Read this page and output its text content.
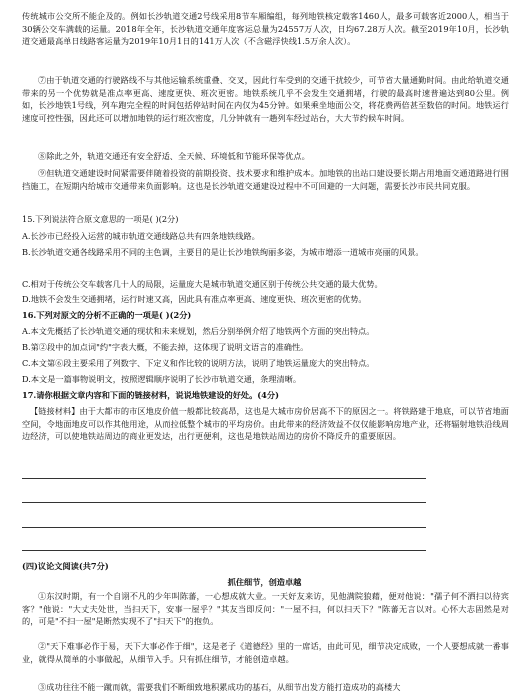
传统城市公交所不能企及的。例如长沙轨道交通2号线采用8节车厢编组，每列地铁核定载客1460人，最多可载客近2000人，相当于30辆公交车满载的运量。2018年全年，长沙轨道交通年度客运总量为24557万人次，日均67.28万人次。截至2019年10月，长沙轨道交通最高单日线路客运量为2019年10月1日的141万人次（不含磁浮快线1.5万余人次）。

⑦由于轨道交通的行驶路线不与其他运输系统重叠、交叉，因此行车受到的交通干扰较少，可节省大量通勤时间。由此给轨道交通带来的另一个优势就是准点率更高、速度更快、班次更密。地铁系统几乎不会发生交通拥堵，行驶的最高时速普遍达到80公里。例如，长沙地铁1号线，列车跑完全程的时间包括停站时间在内仅为45分钟。如果乘坐地面公交，将花费两倍甚至数倍的时间。地铁运行速度可控性强，因此还可以增加地铁的运行班次密度，几分钟就有一趟列车经过站台，大大节约候车时间。

⑧除此之外，轨道交通还有安全舒适、全天候、环境低和节能环保等优点。

⑨但轨道交通建设时间紧需要伴随着投资的前期投资、技术要求和维护成本。加地铁的出站口建设要长期占用地面交通道路进行围挡施工，在短期内给城市交通带来负面影响。这也是长沙轨道交通建设过程中不可回避的一大问题，需要长沙市民共同克服。

15.下列说法符合原文意思的一项是( )(2分)

A.长沙市已经投入运营的城市轨道交通线路总共有四条地铁线路。

B.长沙轨道交通各线路采用不同的主色调，主要目的是让长沙地铁绚丽多姿，为城市增添一道城市亮丽的风景。

C.相对于传统公交车载客几十人的局限，运量庞大是城市轨道交通区别于传统公共交通的最大优势。

D.地铁不会发生交通拥堵，运行时速又高，因此具有准点率更高、速度更快、班次更密的优势。

16.下列对原文的分析不正确的一项是( )(2分)

A.本文先概括了长沙轨道交通的现状和未来规划，然后分别举例介绍了地铁两个方面的突出特点。

B.第②段中的加点词"约"字表大概，不能去掉，这体现了说明文语言的准确性。

C.本文第⑥段主要采用了列数字、下定义和作比较的说明方法，说明了地铁运量庞大的突出特点。

D.本文是一篇事物说明文，按照逻辑顺序说明了长沙市轨道交通，条理清晰。

17.请你根据文章内容和下面的链接材料，说说地铁建设的好处。(4分)

【链接材料】由于大都市的市区地皮价值一般都比较高昂，这也是大城市房价居高不下的原因之一。将铁路建于地底，可以节省地面空间，令地面地皮可以作其他用途，从而拉低整个城市的平均房价。由此带来的经济效益不仅仅能影响房地产业，还将辐射地铁沿线周边经济，可以使地铁站周边的商业更发达，出行更便利，这也是地铁站周边的房价不降反升的重要原因。

(四)议论文阅读(共7分)

抓住细节，创造卓越

①东汉时期，有一个自诩不凡的少年叫陈蕃，一心想成就大业。一天好友来访，见他满院狼藉，便对他说："孺子何不洒扫以待宾客？"他说："大丈夫处世，当扫天下，安事一屋乎？"其友当即反问："一屋不扫，何以扫天下？"陈蕃无言以对。心怀大志固然是对的，可是"不扫一屋"是断然实现不了"扫天下"的抱负。

②"天下难事必作于易，天下大事必作于细"，这是老子《道德经》里的一席话，由此可见，细节决定成败，一个人要想成就一番事业，就得从简单的小事做起，从细节入手。只有抓住细节，才能创造卓越。

③成功往往不能一蹴而就，需要我们不断细致地积累成功的基石，从细节出发方能打造成功的高楼大
